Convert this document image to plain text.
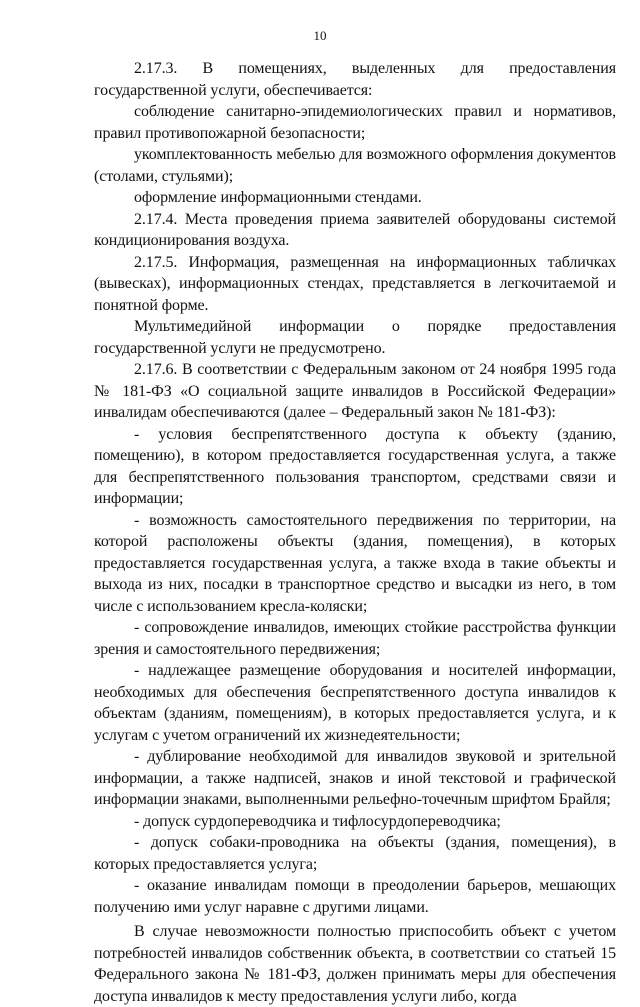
10

2.17.3. В помещениях, выделенных для предоставления государственной услуги, обеспечивается:

соблюдение санитарно-эпидемиологических правил и нормативов, правил противопожарной безопасности;

укомплектованность мебелью для возможного оформления документов (столами, стульями);

оформление информационными стендами.

2.17.4. Места проведения приема заявителей оборудованы системой кондиционирования воздуха.

2.17.5. Информация, размещенная на информационных табличках (вывесках), информационных стендах, представляется в легкочитаемой и понятной форме.

Мультимедийной информации о порядке предоставления государственной услуги не предусмотрено.

2.17.6. В соответствии с Федеральным законом от 24 ноября 1995 года № 181-ФЗ «О социальной защите инвалидов в Российской Федерации» инвалидам обеспечиваются (далее – Федеральный закон № 181-ФЗ):

- условия беспрепятственного доступа к объекту (зданию, помещению), в котором предоставляется государственная услуга, а также для беспрепятственного пользования транспортом, средствами связи и информации;

- возможность самостоятельного передвижения по территории, на которой расположены объекты (здания, помещения), в которых предоставляется государственная услуга, а также входа в такие объекты и выхода из них, посадки в транспортное средство и высадки из него, в том числе с использованием кресла-коляски;

- сопровождение инвалидов, имеющих стойкие расстройства функции зрения и самостоятельного передвижения;

- надлежащее размещение оборудования и носителей информации, необходимых для обеспечения беспрепятственного доступа инвалидов к объектам (зданиям, помещениям), в которых предоставляется услуга, и к услугам с учетом ограничений их жизнедеятельности;

- дублирование необходимой для инвалидов звуковой и зрительной информации, а также надписей, знаков и иной текстовой и графической информации знаками, выполненными рельефно-точечным шрифтом Брайля;

- допуск сурдопереводчика и тифлосурдопереводчика;

- допуск собаки-проводника на объекты (здания, помещения), в которых предоставляется услуга;

- оказание инвалидам помощи в преодолении барьеров, мешающих получению ими услуг наравне с другими лицами.

В случае невозможности полностью приспособить объект с учетом потребностей инвалидов собственник объекта, в соответствии со статьей 15 Федерального закона № 181-ФЗ, должен принимать меры для обеспечения доступа инвалидов к месту предоставления услуги либо, когда
